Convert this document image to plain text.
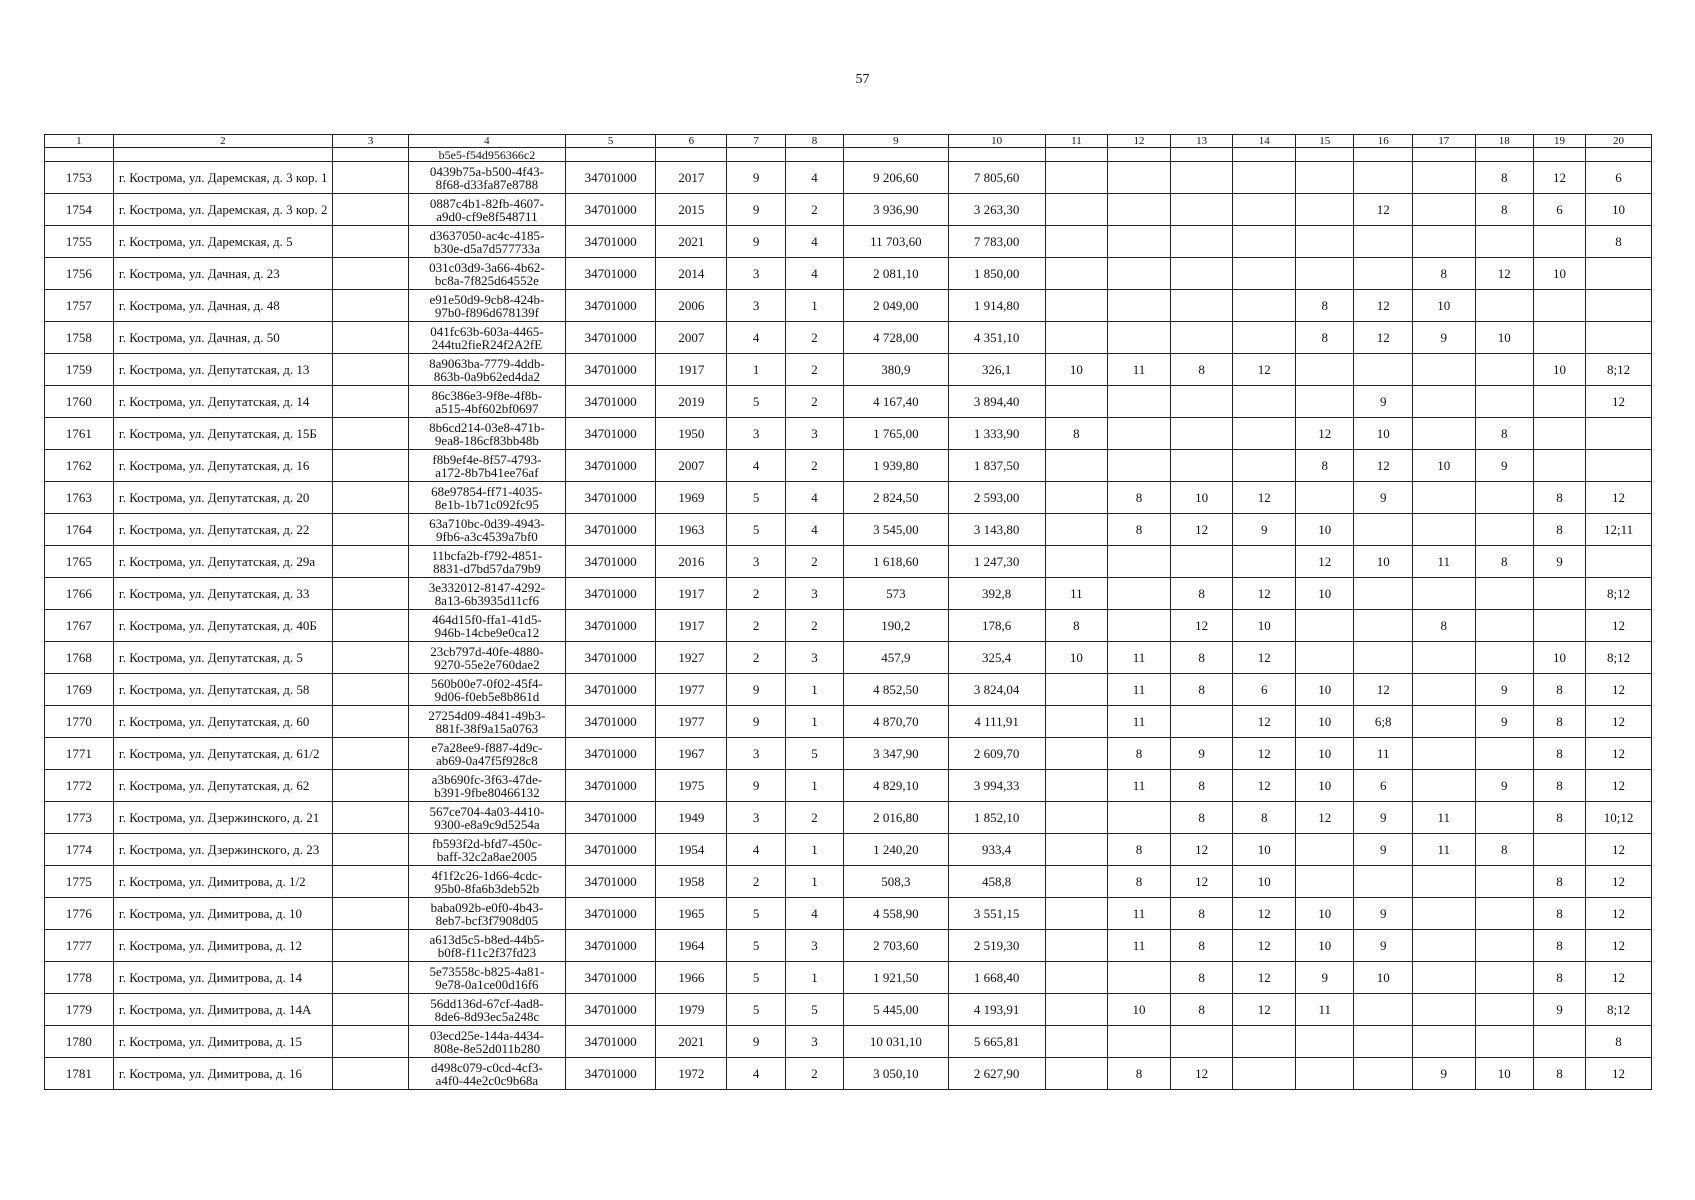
57
1	2	3	4	5	6	7	8	9	10	11	12	13	14	15	16	17	18	19	20
			b5e5-f54d956366c2																
1753	г. Кострома, ул. Даремская, д. 3 кор. 1		0439b75a-b500-4f43-
8f68-d33fa87e8788	34701000	2017	9	4	9 206,60	7 805,60								8	12	6
1754	г. Кострома, ул. Даремская, д. 3 кор. 2		0887c4b1-82fb-4607-
a9d0-cf9e8f548711	34701000	2015	9	2	3 936,90	3 263,30						12		8	6	10
1755	г. Кострома, ул. Даремская, д. 5		d3637050-ac4c-4185-
b30e-d5a7d577733a	34701000	2021	9	4	11 703,60	7 783,00										8
1756	г. Кострома, ул. Дачная, д. 23		031c03d9-3a66-4b62-
bc8a-7f825d64552e	34701000	2014	3	4	2 081,10	1 850,00							8	12	10	
1757	г. Кострома, ул. Дачная, д. 48		e91e50d9-9cb8-424b-
97b0-f896d678139f	34701000	2006	3	1	2 049,00	1 914,80					8	12	10			
1758	г. Кострома, ул. Дачная, д. 50		041fc63b-603a-4465-
244tu2fieR24f2A2fE	34701000	2007	4	2	4 728,00	4 351,10					8	12	9	10		
1759	г. Кострома, ул. Депутатская, д. 13		8a9063ba-7779-4ddb-
863b-0a9b62ed4da2	34701000	1917	1	2	380,9	326,1	10	11	8	12					10	8;12
1760	г. Кострома, ул. Депутатская, д. 14		86c386e3-9f8e-4f8b-
a515-4bf602bf0697	34701000	2019	5	2	4 167,40	3 894,40						9				12
1761	г. Кострома, ул. Депутатская, д. 15Б		8b6cd214-03e8-471b-
9ea8-186cf83bb48b	34701000	1950	3	3	1 765,00	1 333,90	8				12	10		8		
1762	г. Кострома, ул. Депутатская, д. 16		f8b9ef4e-8f57-4793-
a172-8b7b41ee76af	34701000	2007	4	2	1 939,80	1 837,50					8	12	10	9		
1763	г. Кострома, ул. Депутатская, д. 20		68e97854-ff71-4035-
8e1b-1b71c092fc95	34701000	1969	5	4	2 824,50	2 593,00		8	10	12		9			8	12
1764	г. Кострома, ул. Депутатская, д. 22		63a710bc-0d39-4943-
9fb6-a3c4539a7bf0	34701000	1963	5	4	3 545,00	3 143,80		8	12	9	10				8	12;11
1765	г. Кострома, ул. Депутатская, д. 29а		11bcfa2b-f792-4851-
8831-d7bd57da79b9	34701000	2016	3	2	1 618,60	1 247,30					12	10	11	8	9	
1766	г. Кострома, ул. Депутатская, д. 33		3e332012-8147-4292-
8a13-6b3935d11cf6	34701000	1917	2	3	573	392,8	11		8	12	10					8;12
1767	г. Кострома, ул. Депутатская, д. 40Б		464d15f0-ffa1-41d5-
946b-14cbe9e0ca12	34701000	1917	2	2	190,2	178,6	8		12	10			8			12
1768	г. Кострома, ул. Депутатская, д. 5		23cb797d-40fe-4880-
9270-55e2e760dae2	34701000	1927	2	3	457,9	325,4	10	11	8	12					10	8;12
1769	г. Кострома, ул. Депутатская, д. 58		560b00e7-0f02-45f4-
9d06-f0eb5e8b861d	34701000	1977	9	1	4 852,50	3 824,04		11	8	6	10	12		9	8	12
1770	г. Кострома, ул. Депутатская, д. 60		27254d09-4841-49b3-
881f-38f9a15a0763	34701000	1977	9	1	4 870,70	4 111,91		11		12	10	6;8		9	8	12
1771	г. Кострома, ул. Депутатская, д. 61/2		e7a28ee9-f887-4d9c-
ab69-0a47f5f928c8	34701000	1967	3	5	3 347,90	2 609,70		8	9	12	10	11			8	12
1772	г. Кострома, ул. Депутатская, д. 62		a3b690fc-3f63-47de-
b391-9fbe80466132	34701000	1975	9	1	4 829,10	3 994,33		11	8	12	10	6		9	8	12
1773	г. Кострома, ул. Дзержинского, д. 21		567ce704-4a03-4410-
9300-e8a9c9d5254a	34701000	1949	3	2	2 016,80	1 852,10			8	8	12	9	11		8	10;12
1774	г. Кострома, ул. Дзержинского, д. 23		fb593f2d-bfd7-450c-
baff-32c2a8ae2005	34701000	1954	4	1	1 240,20	933,4		8	12	10		9	11	8		12
1775	г. Кострома, ул. Димитрова, д. 1/2		4f1f2c26-1d66-4cdc-
95b0-8fa6b3deb52b	34701000	1958	2	1	508,3	458,8		8	12	10					8	12
1776	г. Кострома, ул. Димитрова, д. 10		baba092b-e0f0-4b43-
8eb7-bcf3f7908d05	34701000	1965	5	4	4 558,90	3 551,15		11	8	12	10	9			8	12
1777	г. Кострома, ул. Димитрова, д. 12		a613d5c5-b8ed-44b5-
b0f8-f11c2f37fd23	34701000	1964	5	3	2 703,60	2 519,30		11	8	12	10	9			8	12
1778	г. Кострома, ул. Димитрова, д. 14		5e73558c-b825-4a81-
9e78-0a1ce00d16f6	34701000	1966	5	1	1 921,50	1 668,40			8	12	9	10			8	12
1779	г. Кострома, ул. Димитрова, д. 14А		56dd136d-67cf-4ad8-
8de6-8d93ec5a248c	34701000	1979	5	5	5 445,00	4 193,91		10	8	12	11				9	8;12
1780	г. Кострома, ул. Димитрова, д. 15		03ecd25e-144a-4434-
808e-8e52d011b280	34701000	2021	9	3	10 031,10	5 665,81										8
1781	г. Кострома, ул. Димитрова, д. 16		d498c079-c0cd-4cf3-
a4f0-44e2c0c9b68a	34701000	1972	4	2	3 050,10	2 627,90		8	12				9	10	8	12
